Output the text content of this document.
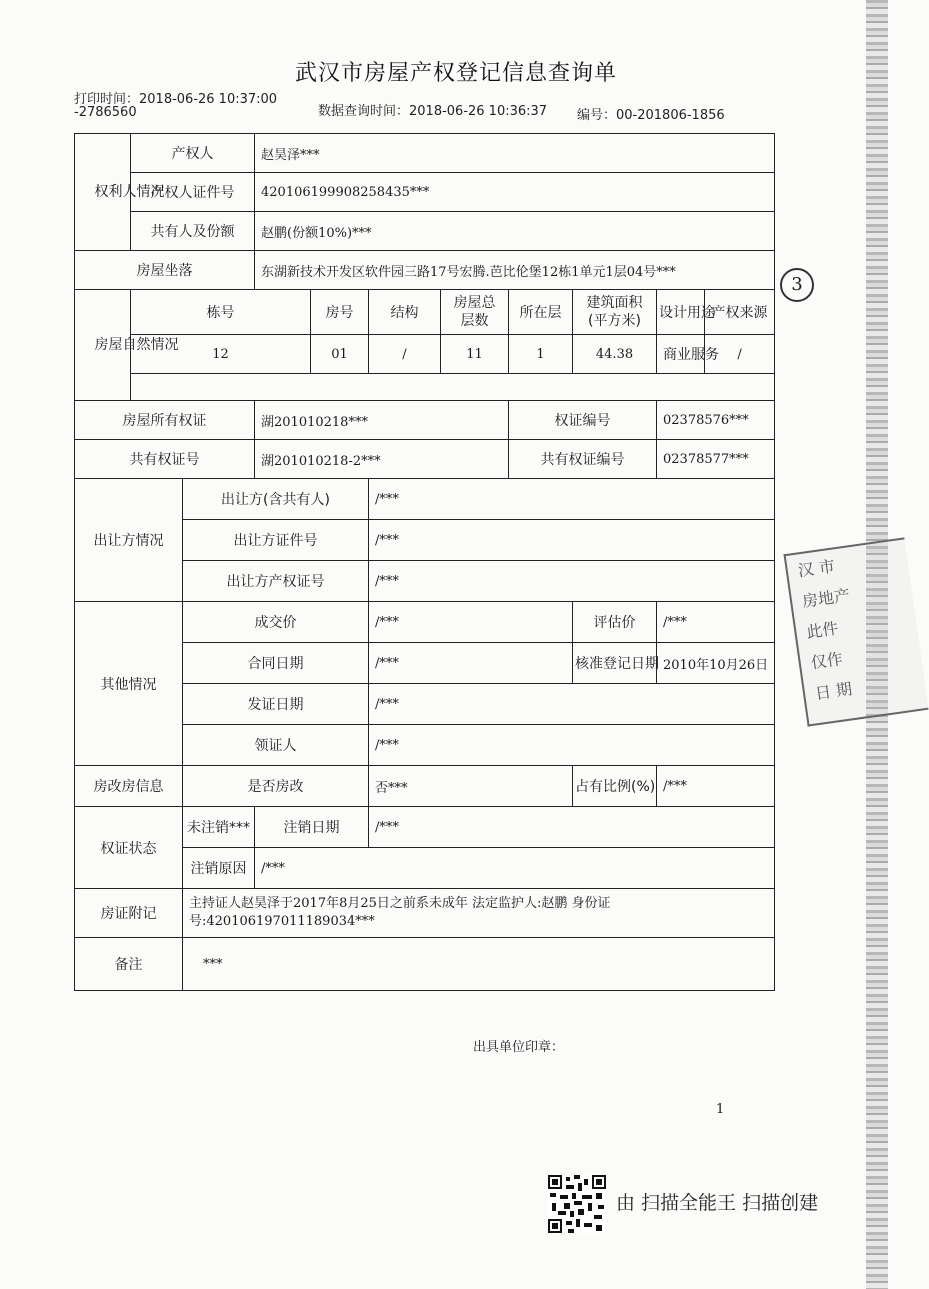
武汉市房屋产权登记信息查询单
打印时间：2018-06-26 10:37:00
-2786560	数据查询时间：2018-06-26 10:36:37 编号：00-201806-1856
3
权利人情况	产权人		赵昊泽***							
	产权人证件号		420106199908258435***							
	共有人及份额		赵鹏(份额10%)***							
房屋坐落			东湖新技术开发区软件园三路17号宏腾.芭比伦堡12栋1单元1层04号***							
房屋自然情况	栋号			房号	结构	房屋总层数	所在层	建筑面积(平方米)	设计用途	产权来源
	12			01	/	11	1	44.38	商业服务	/

房屋所有权证			湖201010218***				权证编号		02378576***	
共有权证号			湖201010218-2***				共有权证编号		02378577***	
出让方情况		出让方(含共有人)			/***					
		出让方证件号			/***					
		出让方产权证号			/***					
其他情况		成交价			/***			评估价	/***	
		合同日期			/***			核准登记日期	2010年10月26日	
		发证日期			/***					
		领证人			/***					
房改房信息		是否房改			否***			占有比例(%)	/***	
权证状态		未注销***	注销日期		/***					
		注销原因	/***							
房证附记		主持证人赵昊泽于2017年8月25日之前系未成年 法定监护人:赵鹏 身份证号:420106197011189034***								
备注		***								
汉 市
房地产
此件
仅作
日 期
出具单位印章：
1
由 扫描全能王 扫描创建
